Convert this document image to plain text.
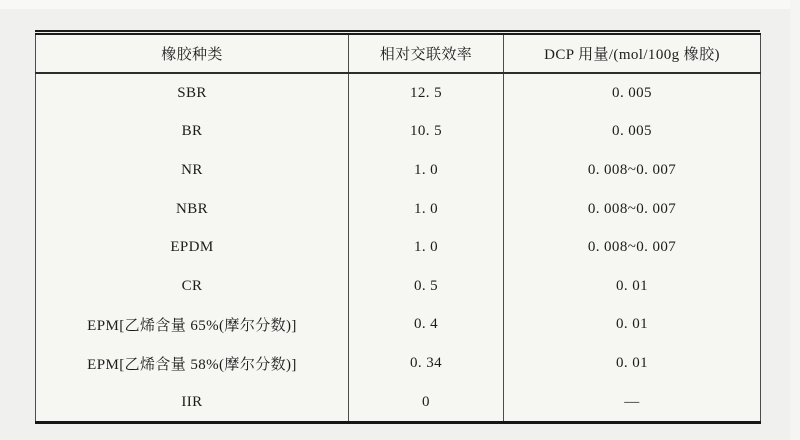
橡胶种类	相对交联效率	DCP 用量/(mol/100g 橡胶)
SBR	12. 5	0. 005
BR	10. 5	0. 005
NR	1. 0	0. 008~0. 007
NBR	1. 0	0. 008~0. 007
EPDM	1. 0	0. 008~0. 007
CR	0. 5	0. 01
EPM[乙烯含量 65%(摩尔分数)]	0. 4	0. 01
EPM[乙烯含量 58%(摩尔分数)]	0. 34	0. 01
IIR	0	—
